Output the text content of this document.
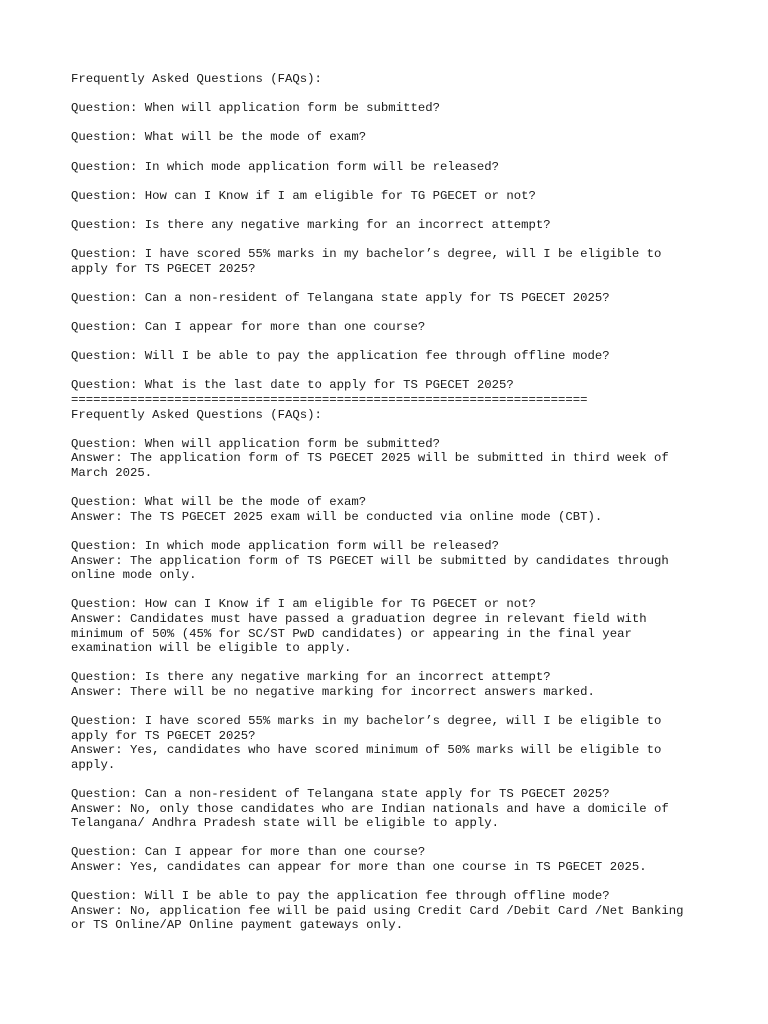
Frequently Asked Questions (FAQs):
Question: When will application form be submitted?
Question: What will be the mode of exam?
Question: In which mode application form will be released?
Question: How can I Know if I am eligible for TG PGECET or not?
Question: Is there any negative marking for an incorrect attempt?
Question: I have scored 55% marks in my bachelor’s degree, will I be eligible to
apply for TS PGECET 2025?
Question: Can a non-resident of Telangana state apply for TS PGECET 2025?
Question: Can I appear for more than one course?
Question: Will I be able to pay the application fee through offline mode?
Question: What is the last date to apply for TS PGECET 2025?
======================================================================
Frequently Asked Questions (FAQs):
Question: When will application form be submitted?
Answer: The application form of TS PGECET 2025 will be submitted in third week of
March 2025.
Question: What will be the mode of exam?
Answer: The TS PGECET 2025 exam will be conducted via online mode (CBT).
Question: In which mode application form will be released?
Answer: The application form of TS PGECET will be submitted by candidates through
online mode only.
Question: How can I Know if I am eligible for TG PGECET or not?
Answer: Candidates must have passed a graduation degree in relevant field with
minimum of 50% (45% for SC/ST PwD candidates) or appearing in the final year
examination will be eligible to apply.
Question: Is there any negative marking for an incorrect attempt?
Answer: There will be no negative marking for incorrect answers marked.
Question: I have scored 55% marks in my bachelor’s degree, will I be eligible to
apply for TS PGECET 2025?
Answer: Yes, candidates who have scored minimum of 50% marks will be eligible to
apply.
Question: Can a non-resident of Telangana state apply for TS PGECET 2025?
Answer: No, only those candidates who are Indian nationals and have a domicile of
Telangana/ Andhra Pradesh state will be eligible to apply.
Question: Can I appear for more than one course?
Answer: Yes, candidates can appear for more than one course in TS PGECET 2025.
Question: Will I be able to pay the application fee through offline mode?
Answer: No, application fee will be paid using Credit Card /Debit Card /Net Banking
or TS Online/AP Online payment gateways only.
